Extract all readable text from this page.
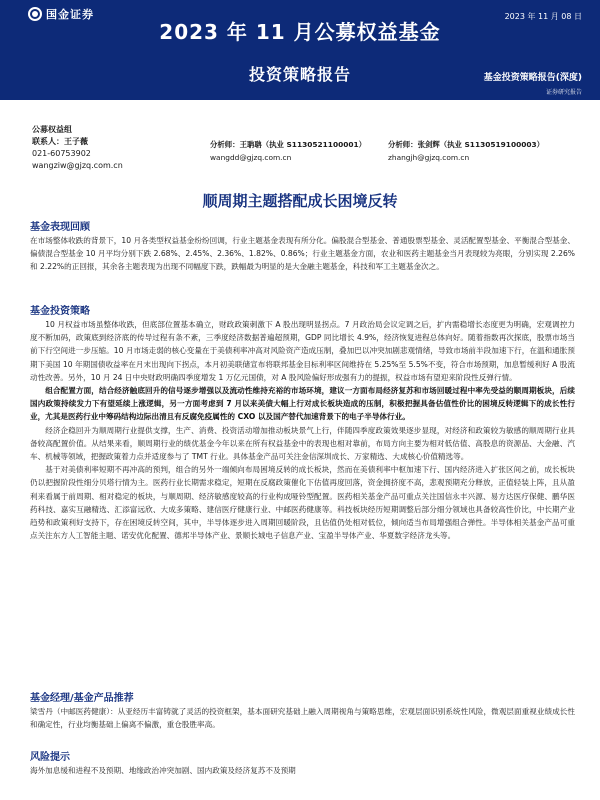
国金证券	2023 年 11 月 08 日
2023 年 11 月公募权益基金
投资策略报告	基金投资策略报告(深度)
证券研究报告
公募权益组
联系人：王子薇
021-60753902
wangziw@gjzq.com.cn
分析师：王聃聃（执业 S1130521100001）
wangdd@gjzq.com.cn
分析师：张剑辉（执业 S1130519100003）
zhangjh@gjzq.com.cn
顺周期主题搭配成长困境反转
基金表现回顾

在市场整体收跌的背景下，10 月各类型权益基金纷纷回调，行业主题基金表现有所分化。偏股混合型基金、普通股票型基金、灵活配置型基金、平衡混合型基金、偏债混合型基金 10 月平均分别下跌 2.68%、2.45%、2.36%、1.82%、0.86%；行业主题基金方面，农业和医药主题基金当月表现较为亮眼，分别实现 2.26%和 2.22%的正回报，其余各主题表现为出现不同幅度下跌，跌幅最为明显的是大金融主题基金，科技和军工主题基金次之。

基金投资策略

10 月权益市场虽整体收跌，但底部位置基本确立，财政政策刺激下 A 股出现明显拐点。7 月政治局会议定调之后，扩内需稳增长态度更为明确，宏观调控力度不断加码，政策底到经济底的传导过程有条不紊，三季度经济数据普遍超预期，GDP 同比增长 4.9%，经济恢复进程总体向好。随着指数再次探底，股票市场当前下行空间进一步压缩。10 月市场走弱的核心变量在于美债利率冲高对风险资产造成压制，叠加巴以冲突加剧悲观情绪，导致市场前半段加速下行，在温和通胀预期下美国 10 年期国债收益率在月末出现向下拐点，本月初美联储宣布将联邦基金目标利率区间维持在 5.25%至 5.5%不变，符合市场预期，加息暂缓利好 A 股流动性改善。另外，10 月 24 日中央财政明确四季度增发 1 万亿元国债，对 A 股风险偏好形成强有力的提振，权益市场有望迎来阶段性反弹行情。

组合配置方面，结合经济触底回升的信号逐步增强以及流动性维持充裕的市场环境，建议一方面布局经济复苏和市场回暖过程中率先受益的顺周期板块，后续国内政策持续发力下有望延续上涨逻辑，另一方面考虑到 7 月以来美债大幅上行对成长板块造成的压制，积极把握具备估值性价比的困境反转逻辑下的成长性行业，尤其是医药行业中筹码结构边际出清且有反腐免疫属性的 CXO 以及国产替代加速背景下的电子半导体行业。

经济企稳回升为顺周期行业提供支撑，生产、消费、投资活动增加推动板块景气上行，伴随四季度政策效果逐步显现，对经济和政策较为敏感的顺周期行业具备较高配置价值。从结果来看，顺周期行业的绩优基金今年以来在所有权益基金中的表现也相对靠前，布局方向主要为相对低估值、高股息的资源品、大金融、汽车、机械等领域，把握政策着力点并适度参与了 TMT 行业。具体基金产品可关注金信深圳成长、万家精选、大成核心价值精选等。

基于对美债利率短期不再冲高的预判，组合的另外一端倾向布局困境反转的成长板块，然而在美债利率中枢加速下行、国内经济进入扩张区间之前，成长板块仍以把握阶段性细分贝塔行情为主。医药行业长期需求稳定，短期在反腐政策催化下估值再度回落，资金拥挤度不高，悲观预期充分释放，正值轻装上阵，且从盈利来看属于前周期、相对稳定的板块，与顺周期、经济敏感度较高的行业构成哑铃型配置。医药相关基金产品可重点关注国信永丰兴源、易方达医疗保健、鹏华医药科技、嘉实互融精选、汇添富远欣、大成多策略、建信医疗健康行业、中邮医药健康等。科技板块经历短期调整后部分细分领域也具备较高性价比，中长期产业趋势和政策利好支持下，存在困境反转空间，其中，半导体逐步进入周期回暖阶段，且估值仍处相对低位，倾向适当布局增强组合弹性。半导体相关基金产品可重点关注东方人工智能主题、诺安优化配置、德邦半导体产业、景顺长城电子信息产业、宝盈半导体产业、华夏数字经济龙头等。

基金经理/基金产品推荐

梁雪丹（中邮医药健康）：从亚经历丰富铸就了灵活的投资框架，基本面研究基础上融入周期视角与策略思维，宏观层面识别系统性风险，微观层面重视业绩成长性和确定性，行业均衡基础上偏离不偏激，重仓股胜率高。

风险提示

海外加息缓和进程不及预期、地缘政治冲突加剧、国内政策及经济复苏不及预期
